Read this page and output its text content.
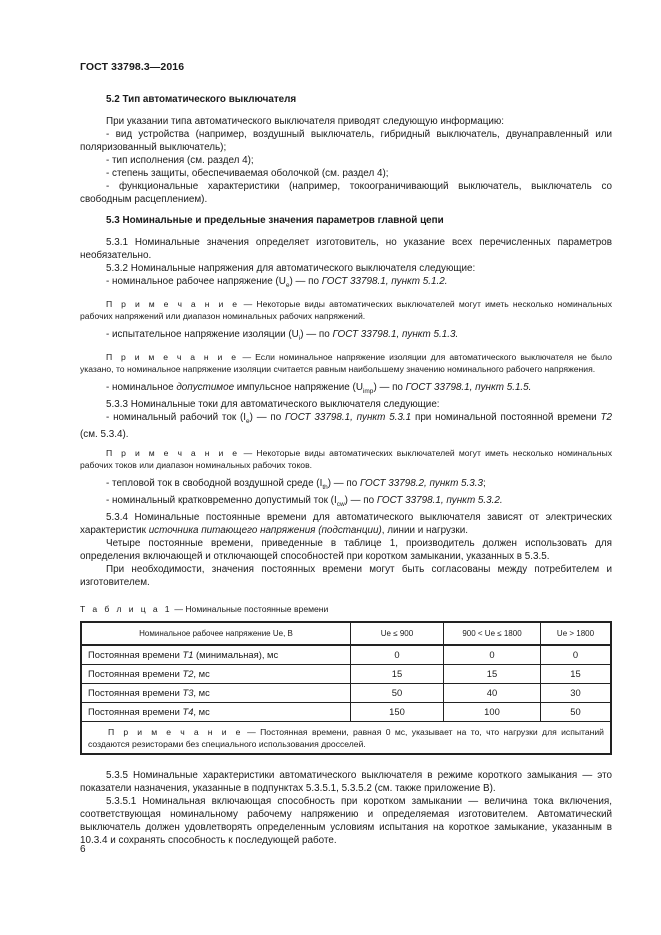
ГОСТ 33798.3—2016

5.2 Тип автоматического выключателя

При указании типа автоматического выключателя приводят следующую информацию:

- вид устройства (например, воздушный выключатель, гибридный выключатель, двунаправленный или поляризованный выключатель);

- тип исполнения (см. раздел 4);

- степень защиты, обеспечиваемая оболочкой (см. раздел 4);

- функциональные характеристики (например, токоограничивающий выключатель, выключатель со свободным расцеплением).

5.3 Номинальные и предельные значения параметров главной цепи

5.3.1 Номинальные значения определяет изготовитель, но указание всех перечисленных параметров необязательно.

5.3.2 Номинальные напряжения для автоматического выключателя следующие:

- номинальное рабочее напряжение $(U_e)$ — по ГОСТ 33798.1, пункт 5.1.2.

П р и м е ч а н и е — Некоторые виды автоматических выключателей могут иметь несколько номинальных рабочих напряжений или диапазон номинальных рабочих напряжений.

- испытательное напряжение изоляции $(U_i)$ — по ГОСТ 33798.1, пункт 5.1.3.

П р и м е ч а н и е — Если номинальное напряжение изоляции для автоматического выключателя не было указано, то номинальное напряжение изоляции считается равным наибольшему значению номинального рабочего напряжения.

- номинальное допустимое импульсное напряжение $(U_{imp})$ — по ГОСТ 33798.1, пункт 5.1.5.

5.3.3 Номинальные токи для автоматического выключателя следующие:

- номинальный рабочий ток $(I_e)$ — по ГОСТ 33798.1, пункт 5.3.1 при номинальной постоянной времени T2 (см. 5.3.4).

П р и м е ч а н и е — Некоторые виды автоматических выключателей могут иметь несколько номинальных рабочих токов или диапазон номинальных рабочих токов.

- тепловой ток в свободной воздушной среде $(I_{th})$ — по ГОСТ 33798.2, пункт 5.3.3;

- номинальный кратковременно допустимый ток $(I_{cw})$ — по ГОСТ 33798.1, пункт 5.3.2.

5.3.4 Номинальные постоянные времени для автоматического выключателя зависят от электрических характеристик источника питающего напряжения (подстанции), линии и нагрузки.

Четыре постоянные времени, приведенные в таблице 1, производитель должен использовать для определения включающей и отключающей способностей при коротком замыкании, указанных в 5.3.5.

При необходимости, значения постоянных времени могут быть согласованы между потребителем и изготовителем.

Т а б л и ц а 1 — Номинальные постоянные времени

Номинальное рабочее напряжение Ue, В	Ue ≤ 900	900 < Ue ≤ 1800	Ue > 1800
Постоянная времени T1 (минимальная), мс	0	0	0
Постоянная времени T2, мс	15	15	15
Постоянная времени T3, мс	50	40	30
Постоянная времени T4, мс	150	100	50
П р и м е ч а н и е — Постоянная времени, равная 0 мс, указывает на то, что нагрузки для испытаний создаются резисторами без специального использования дросселей.			

5.3.5 Номинальные характеристики автоматического выключателя в режиме короткого замыкания — это показатели назначения, указанные в подпунктах 5.3.5.1, 5.3.5.2 (см. также приложение В).

5.3.5.1 Номинальная включающая способность при коротком замыкании — величина тока включения, соответствующая номинальному рабочему напряжению и определяемая изготовителем. Автоматический выключатель должен удовлетворять определенным условиям испытания на короткое замыкание, указанным в 10.3.4 и сохранять способность к последующей работе.

6
